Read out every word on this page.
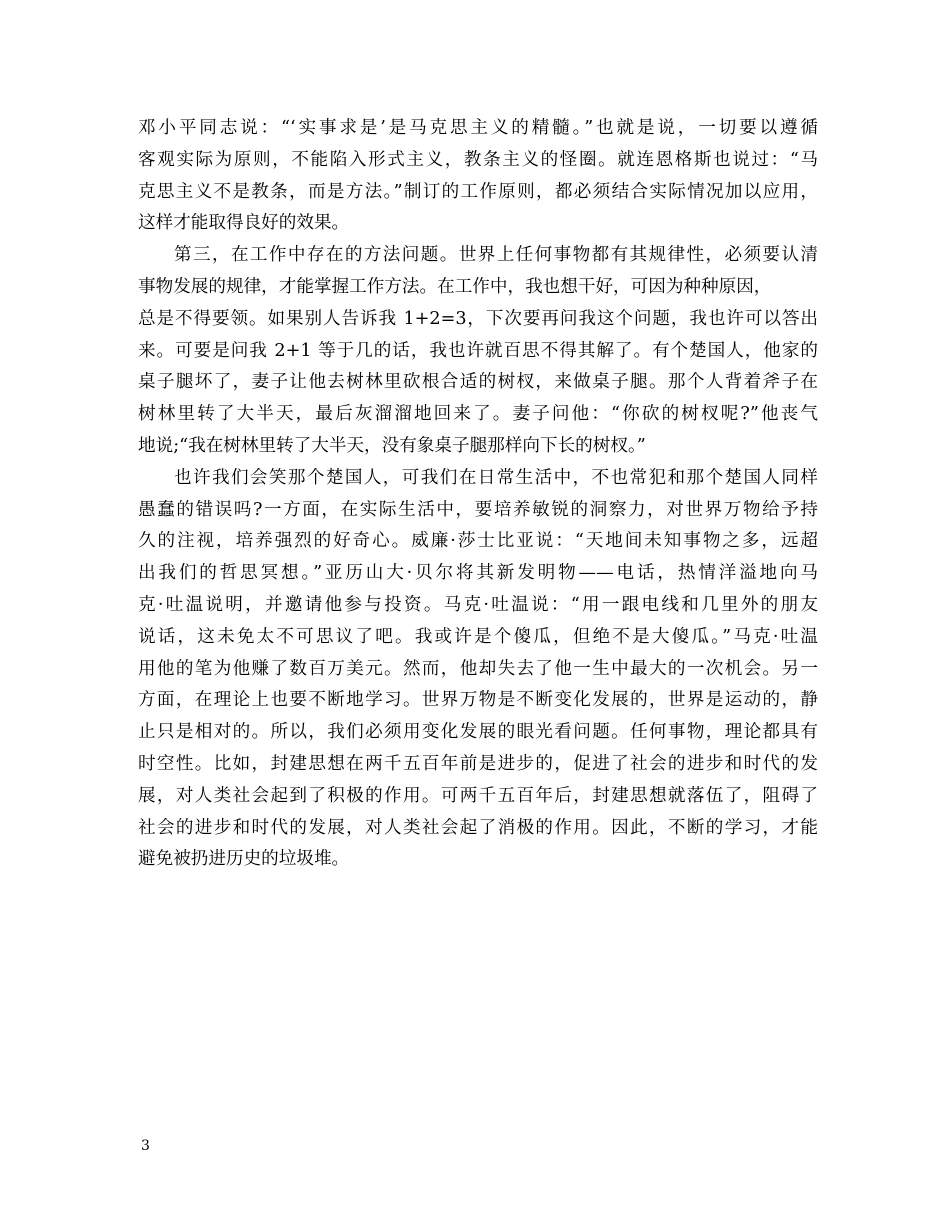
邓小平同志说：“‘实事求是’是马克思主义的精髓。”也就是说，一切要以遵循
客观实际为原则，不能陷入形式主义，教条主义的怪圈。就连恩格斯也说过：“马
克思主义不是教条，而是方法。”制订的工作原则，都必须结合实际情况加以应用，
这样才能取得良好的效果。
第三，在工作中存在的方法问题。世界上任何事物都有其规律性，必须要认清
事物发展的规律，才能掌握工作方法。在工作中，我也想干好，可因为种种原因，
总是不得要领。如果别人告诉我 1+2=3，下次要再问我这个问题，我也许可以答出
来。可要是问我 2+1 等于几的话，我也许就百思不得其解了。有个楚国人，他家的
桌子腿坏了，妻子让他去树林里砍根合适的树杈，来做桌子腿。那个人背着斧子在
树林里转了大半天，最后灰溜溜地回来了。妻子问他：“你砍的树杈呢?”他丧气
地说;“我在树林里转了大半天，没有象桌子腿那样向下长的树杈。”
也许我们会笑那个楚国人，可我们在日常生活中，不也常犯和那个楚国人同样
愚蠢的错误吗?一方面，在实际生活中，要培养敏锐的洞察力，对世界万物给予持
久的注视，培养强烈的好奇心。威廉·莎士比亚说：“天地间未知事物之多，远超
出我们的哲思冥想。”亚历山大·贝尔将其新发明物——电话，热情洋溢地向马
克·吐温说明，并邀请他参与投资。马克·吐温说：“用一跟电线和几里外的朋友
说话，这未免太不可思议了吧。我或许是个傻瓜，但绝不是大傻瓜。”马克·吐温
用他的笔为他赚了数百万美元。然而，他却失去了他一生中最大的一次机会。另一
方面，在理论上也要不断地学习。世界万物是不断变化发展的，世界是运动的，静
止只是相对的。所以，我们必须用变化发展的眼光看问题。任何事物，理论都具有
时空性。比如，封建思想在两千五百年前是进步的，促进了社会的进步和时代的发
展，对人类社会起到了积极的作用。可两千五百年后，封建思想就落伍了，阻碍了
社会的进步和时代的发展，对人类社会起了消极的作用。因此，不断的学习，才能
避免被扔进历史的垃圾堆。
3
